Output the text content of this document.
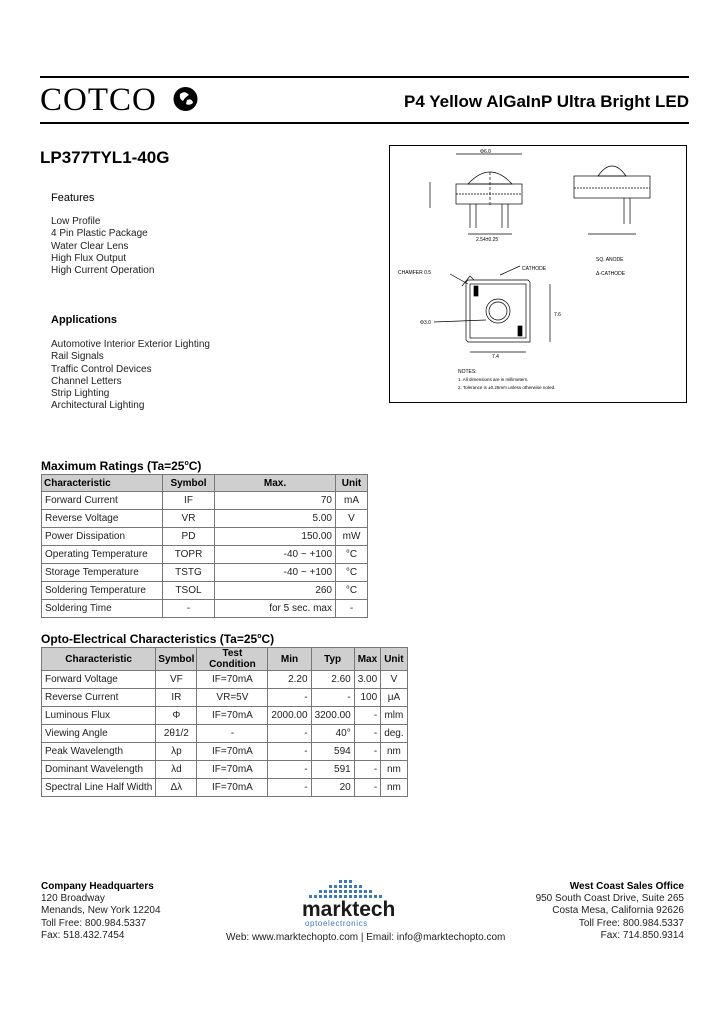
COTCO	P4 Yellow AlGaInP Ultra Bright LED
LP377TYL1-40G
Features
Low Profile
4 Pin Plastic Package
Water Clear Lens
High Flux Output
High Current Operation
Applications
Automotive Interior Exterior Lighting
Rail Signals
Traffic Control Devices
Channel Letters
Strip Lighting
Architectural Lighting
Φ6.0
2.54±0.25
SQ. ANODE
Δ-CATHODE
CHAMFER 0.5
CATHODE
Φ3.0
7.4
7.6
NOTES:
1. All dimensions are in millimeters.
2. Tolerance is ±0.25mm unless otherwise noted.
Maximum Ratings $(Ta=25^oC)$
Characteristic	Symbol	Max.	Unit
Forward Current	IF	70	mA
Reverse Voltage	VR	5.00	V
Power Dissipation	PD	150.00	mW
Operating Temperature	TOPR	-40 ~ +100	°C
Storage Temperature	TSTG	-40 ~ +100	°C
Soldering Temperature	TSOL	260	°C
Soldering Time	-	for 5 sec. max	-
Opto-Electrical Characteristics $(Ta=25^oC)$
Characteristic	Symbol	Test Condition	Min	Typ	Max	Unit
Forward Voltage	VF	IF=70mA	2.20	2.60	3.00	V
Reverse Current	IR	VR=5V	-	-	100	μA
Luminous Flux	Φ	IF=70mA	2000.00	3200.00	-	mlm
Viewing Angle	2θ1/2	-	-	40°	-	deg.
Peak Wavelength	λp	IF=70mA	-	594	-	nm
Dominant Wavelength	λd	IF=70mA	-	591	-	nm
Spectral Line Half Width	Δλ	IF=70mA	-	20	-	nm
Company Headquarters
120 Broadway
Menands, New York 12204
Toll Free: 800.984.5337
Fax: 518.432.7454
marktech
optoelectronics
Web: www.marktechopto.com | Email: info@marktechopto.com
West Coast Sales Office
950 South Coast Drive, Suite 265
Costa Mesa, California 92626
Toll Free: 800.984.5337
Fax: 714.850.9314
